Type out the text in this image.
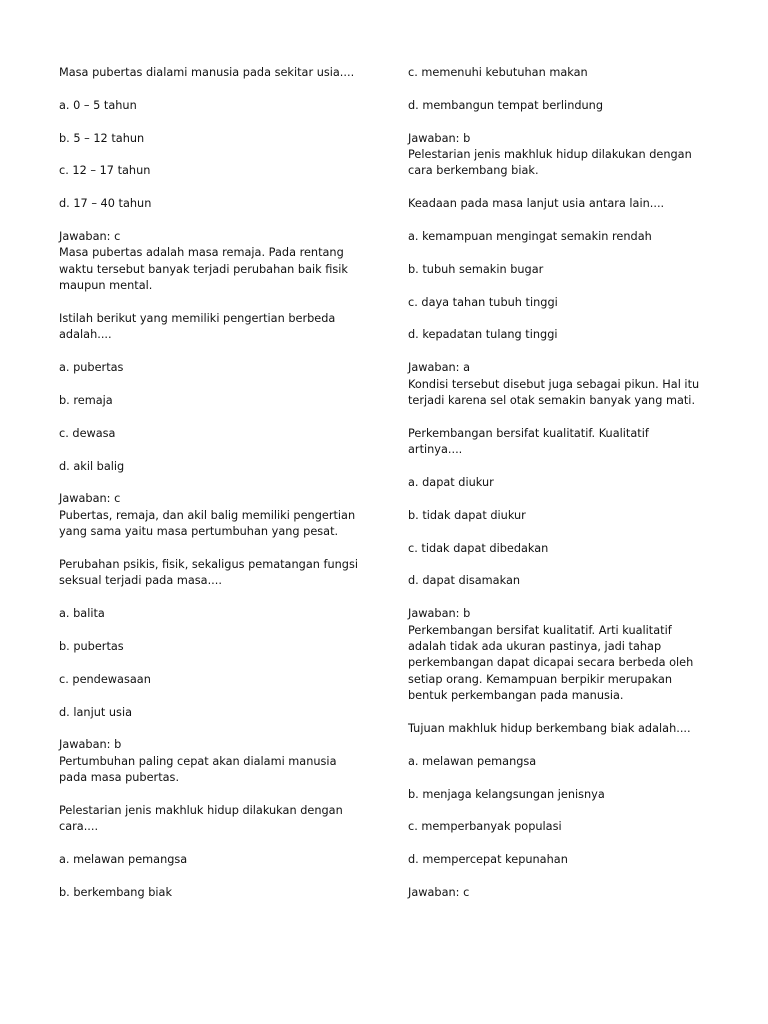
Masa pubertas dialami manusia pada sekitar usia....
a. 0 – 5 tahun
b. 5 – 12 tahun
c. 12 – 17 tahun
d. 17 – 40 tahun
Jawaban: c
Masa pubertas adalah masa remaja. Pada rentang
waktu tersebut banyak terjadi perubahan baik fisik
maupun mental.
Istilah berikut yang memiliki pengertian berbeda
adalah....
a. pubertas
b. remaja
c. dewasa
d. akil balig
Jawaban: c
Pubertas, remaja, dan akil balig memiliki pengertian
yang sama yaitu masa pertumbuhan yang pesat.
Perubahan psikis, fisik, sekaligus pematangan fungsi
seksual terjadi pada masa....
a. balita
b. pubertas
c. pendewasaan
d. lanjut usia
Jawaban: b
Pertumbuhan paling cepat akan dialami manusia
pada masa pubertas.
Pelestarian jenis makhluk hidup dilakukan dengan
cara....
a. melawan pemangsa
b. berkembang biak
c. memenuhi kebutuhan makan
d. membangun tempat berlindung
Jawaban: b
Pelestarian jenis makhluk hidup dilakukan dengan
cara berkembang biak.
Keadaan pada masa lanjut usia antara lain....
a. kemampuan mengingat semakin rendah
b. tubuh semakin bugar
c. daya tahan tubuh tinggi
d. kepadatan tulang tinggi
Jawaban: a
Kondisi tersebut disebut juga sebagai pikun. Hal itu
terjadi karena sel otak semakin banyak yang mati.
Perkembangan bersifat kualitatif. Kualitatif
artinya....
a. dapat diukur
b. tidak dapat diukur
c. tidak dapat dibedakan
d. dapat disamakan
Jawaban: b
Perkembangan bersifat kualitatif. Arti kualitatif
adalah tidak ada ukuran pastinya, jadi tahap
perkembangan dapat dicapai secara berbeda oleh
setiap orang. Kemampuan berpikir merupakan
bentuk perkembangan pada manusia.
Tujuan makhluk hidup berkembang biak adalah....
a. melawan pemangsa
b. menjaga kelangsungan jenisnya
c. memperbanyak populasi
d. mempercepat kepunahan
Jawaban: c
